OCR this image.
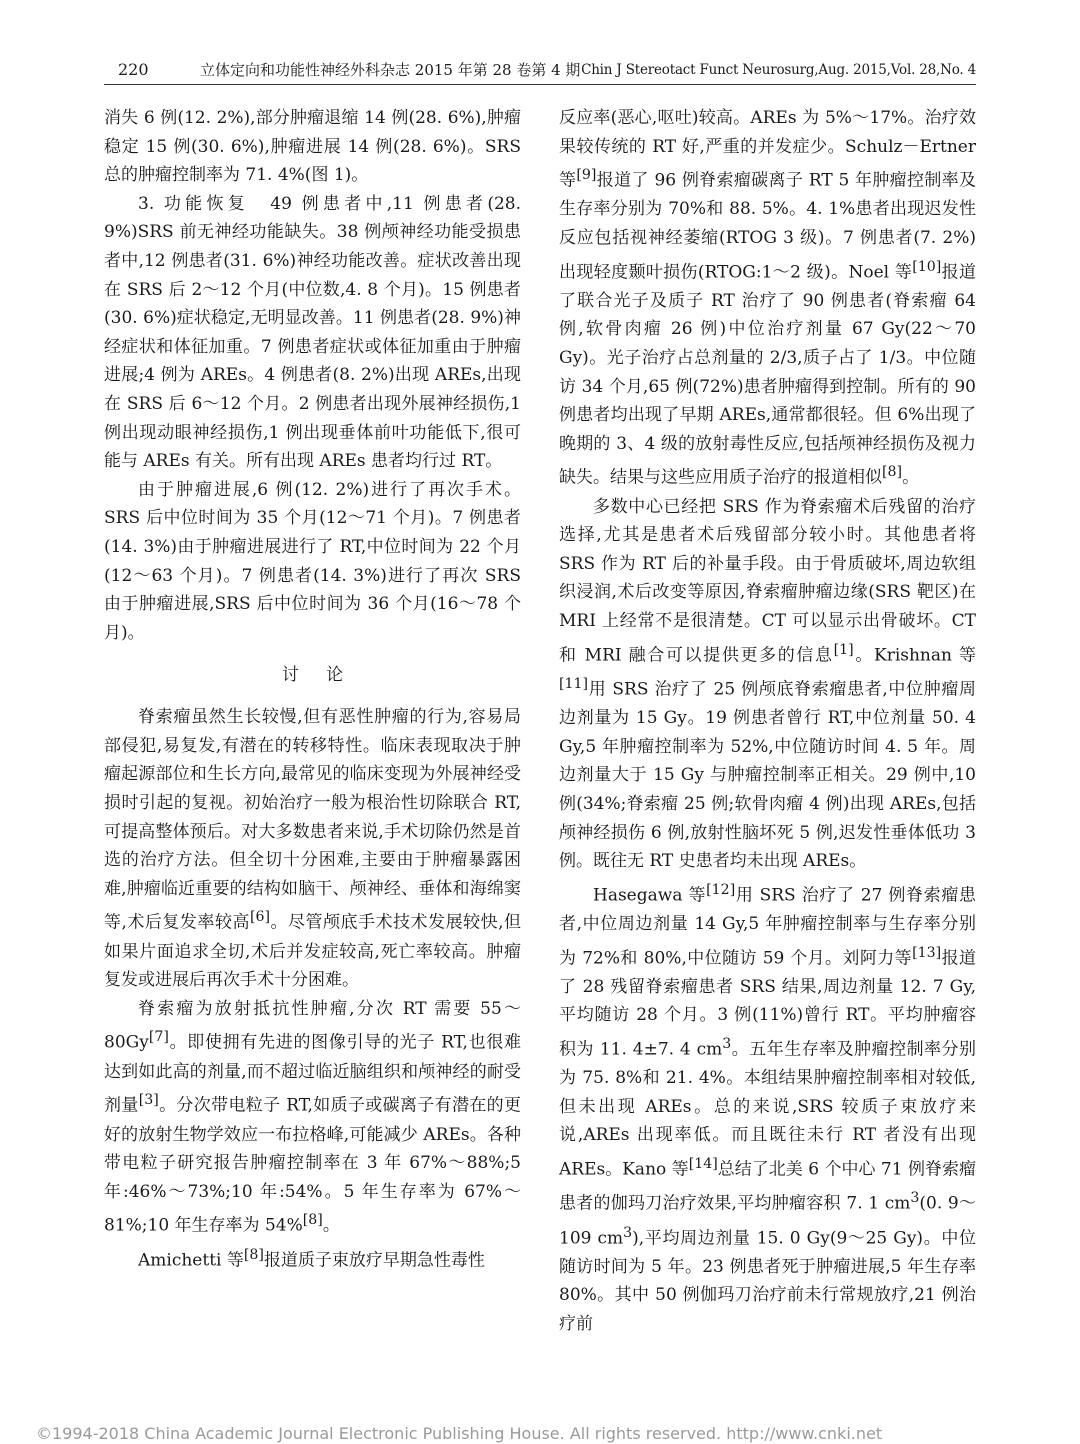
220	立体定向和功能性神经外科杂志 2015 年第 28 卷第 4 期 Chin J Stereotact Funct Neurosurg,Aug. 2015,Vol. 28,No. 4

消失 6 例(12. 2%),部分肿瘤退缩 14 例(28. 6%),肿瘤稳定 15 例(30. 6%),肿瘤进展 14 例(28. 6%)。SRS 总的肿瘤控制率为 71. 4%(图 1)。

3. 功能恢复　49 例患者中,11 例患者(28. 9%)SRS 前无神经功能缺失。38 例颅神经功能受损患者中,12 例患者(31. 6%)神经功能改善。症状改善出现在 SRS 后 2～12 个月(中位数,4. 8 个月)。15 例患者(30. 6%)症状稳定,无明显改善。11 例患者(28. 9%)神经症状和体征加重。7 例患者症状或体征加重由于肿瘤进展;4 例为 AREs。4 例患者(8. 2%)出现 AREs,出现在 SRS 后 6～12 个月。2 例患者出现外展神经损伤,1 例出现动眼神经损伤,1 例出现垂体前叶功能低下,很可能与 AREs 有关。所有出现 AREs 患者均行过 RT。

由于肿瘤进展,6 例(12. 2%)进行了再次手术。SRS 后中位时间为 35 个月(12～71 个月)。7 例患者(14. 3%)由于肿瘤进展进行了 RT,中位时间为 22 个月(12～63 个月)。7 例患者(14. 3%)进行了再次 SRS 由于肿瘤进展,SRS 后中位时间为 36 个月(16～78 个月)。

讨论

脊索瘤虽然生长较慢,但有恶性肿瘤的行为,容易局部侵犯,易复发,有潜在的转移特性。临床表现取决于肿瘤起源部位和生长方向,最常见的临床变现为外展神经受损时引起的复视。初始治疗一般为根治性切除联合 RT,可提高整体预后。对大多数患者来说,手术切除仍然是首选的治疗方法。但全切十分困难,主要由于肿瘤暴露困难,肿瘤临近重要的结构如脑干、颅神经、垂体和海绵窦等,术后复发率较高[6]。尽管颅底手术技术发展较快,但如果片面追求全切,术后并发症较高,死亡率较高。肿瘤复发或进展后再次手术十分困难。

脊索瘤为放射抵抗性肿瘤,分次 RT 需要 55～80Gy[7]。即使拥有先进的图像引导的光子 RT,也很难达到如此高的剂量,而不超过临近脑组织和颅神经的耐受剂量[3]。分次带电粒子 RT,如质子或碳离子有潜在的更好的放射生物学效应一布拉格峰,可能减少 AREs。各种带电粒子研究报告肿瘤控制率在 3 年 67%～88%;5 年:46%～73%;10 年:54%。5 年生存率为 67%～81%;10 年生存率为 54%[8]。

Amichetti 等[8]报道质子束放疗早期急性毒性

反应率(恶心,呕吐)较高。AREs 为 5%～17%。治疗效果较传统的 RT 好,严重的并发症少。Schulz－Ertner 等[9]报道了 96 例脊索瘤碳离子 RT 5 年肿瘤控制率及生存率分别为 70%和 88. 5%。4. 1%患者出现迟发性反应包括视神经萎缩(RTOG 3 级)。7 例患者(7. 2%)出现轻度颞叶损伤(RTOG:1～2 级)。Noel 等[10]报道了联合光子及质子 RT 治疗了 90 例患者(脊索瘤 64 例,软骨肉瘤 26 例)中位治疗剂量 67 Gy(22～70 Gy)。光子治疗占总剂量的 2/3,质子占了 1/3。中位随访 34 个月,65 例(72%)患者肿瘤得到控制。所有的 90 例患者均出现了早期 AREs,通常都很轻。但 6%出现了晚期的 3、4 级的放射毒性反应,包括颅神经损伤及视力缺失。结果与这些应用质子治疗的报道相似[8]。

多数中心已经把 SRS 作为脊索瘤术后残留的治疗选择,尤其是患者术后残留部分较小时。其他患者将 SRS 作为 RT 后的补量手段。由于骨质破坏,周边软组织浸润,术后改变等原因,脊索瘤肿瘤边缘(SRS 靶区)在 MRI 上经常不是很清楚。CT 可以显示出骨破坏。CT 和 MRI 融合可以提供更多的信息[1]。Krishnan 等[11]用 SRS 治疗了 25 例颅底脊索瘤患者,中位肿瘤周边剂量为 15 Gy。19 例患者曾行 RT,中位剂量 50. 4 Gy,5 年肿瘤控制率为 52%,中位随访时间 4. 5 年。周边剂量大于 15 Gy 与肿瘤控制率正相关。29 例中,10 例(34%;脊索瘤 25 例;软骨肉瘤 4 例)出现 AREs,包括颅神经损伤 6 例,放射性脑坏死 5 例,迟发性垂体低功 3 例。既往无 RT 史患者均未出现 AREs。

Hasegawa 等[12]用 SRS 治疗了 27 例脊索瘤患者,中位周边剂量 14 Gy,5 年肿瘤控制率与生存率分别为 72%和 80%,中位随访 59 个月。刘阿力等[13]报道了 28 残留脊索瘤患者 SRS 结果,周边剂量 12. 7 Gy,平均随访 28 个月。3 例(11%)曾行 RT。平均肿瘤容积为 11. 4±7. 4 $cm^3$。五年生存率及肿瘤控制率分别为 75. 8%和 21. 4%。本组结果肿瘤控制率相对较低,但未出现 AREs。总的来说,SRS 较质子束放疗来说,AREs 出现率低。而且既往未行 RT 者没有出现 AREs。Kano 等[14]总结了北美 6 个中心 71 例脊索瘤患者的伽玛刀治疗效果,平均肿瘤容积 7. 1 $cm^3(0$. 9～109 $cm^3$),平均周边剂量 15. 0 Gy(9～25 Gy)。中位随访时间为 5 年。23 例患者死于肿瘤进展,5 年生存率 80%。其中 50 例伽玛刀治疗前未行常规放疗,21 例治疗前

©1994-2018 China Academic Journal Electronic Publishing House. All rights reserved. http://www.cnki.net
